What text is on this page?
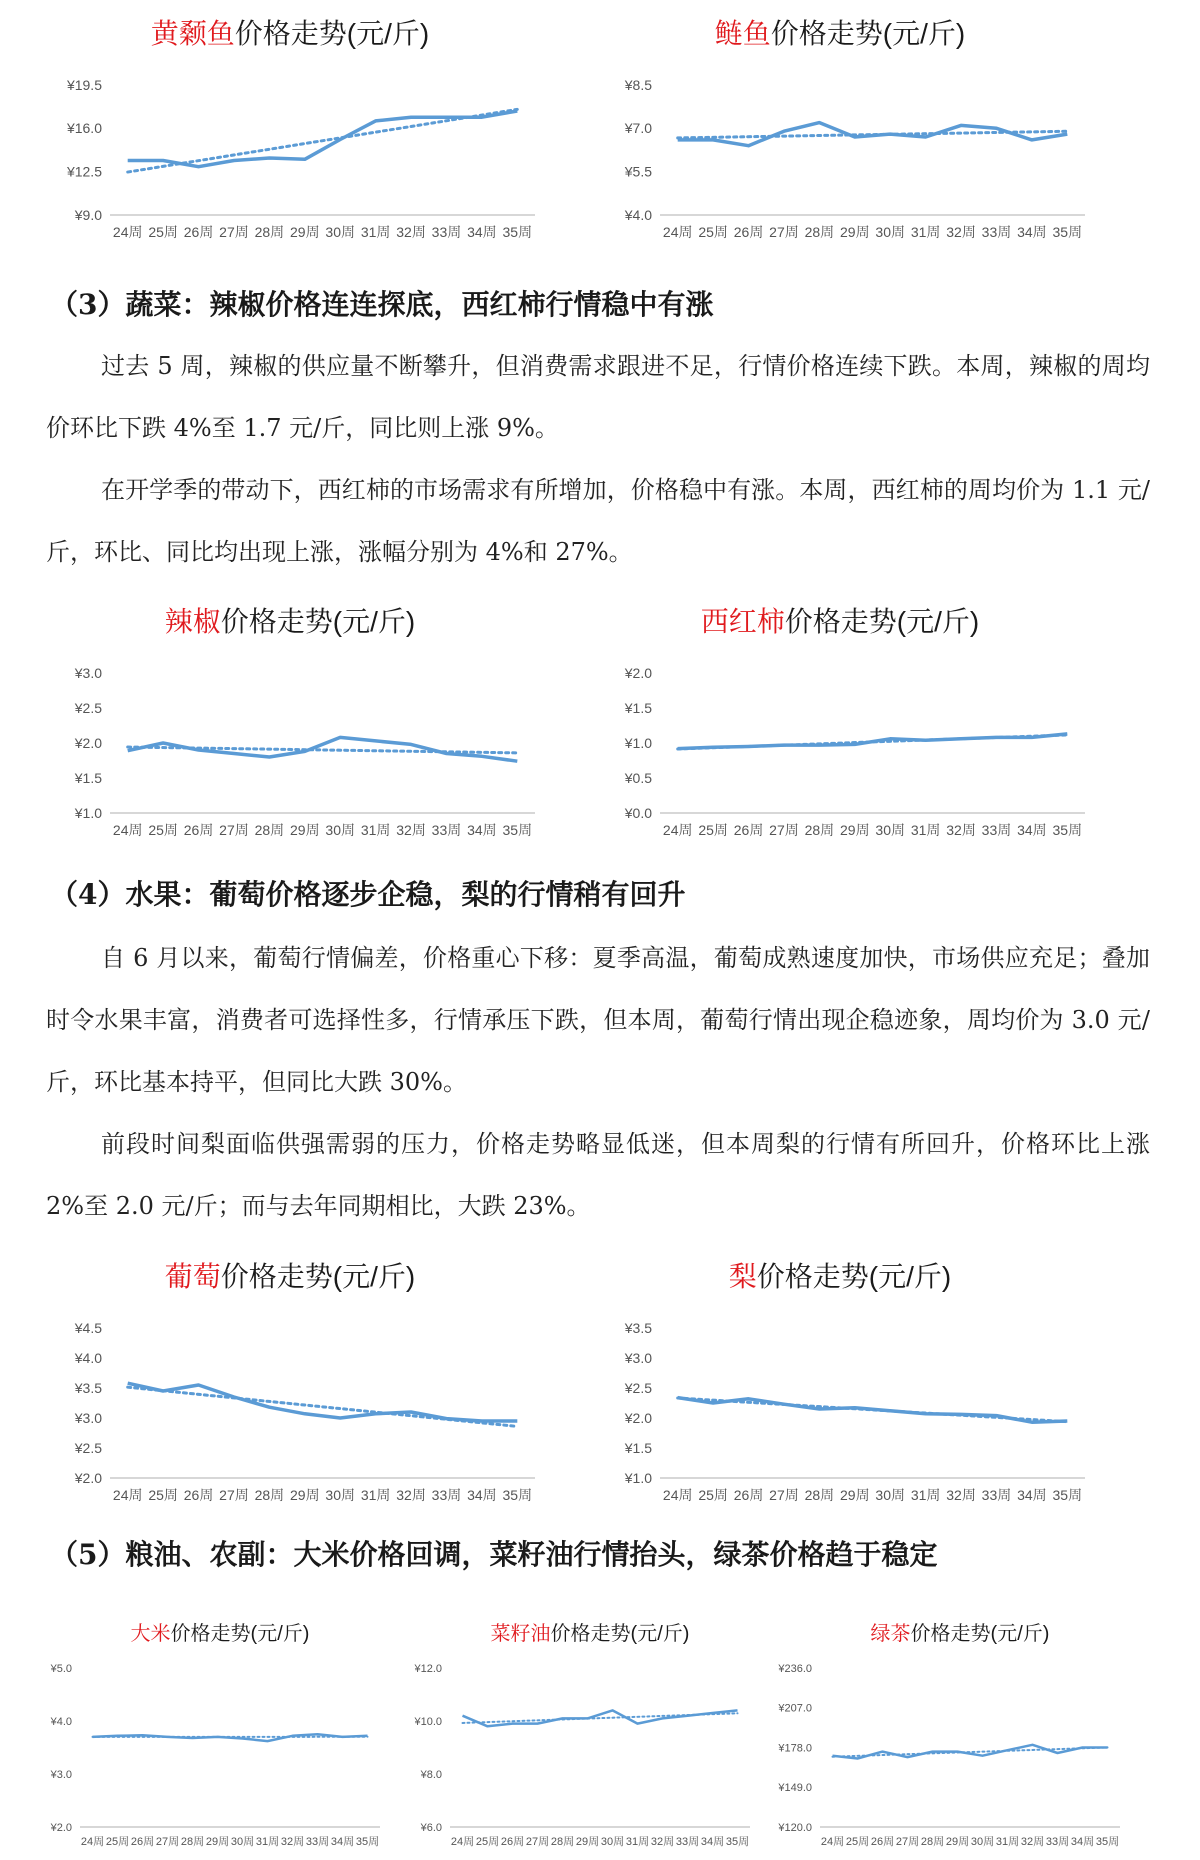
黄颡鱼价格走势(元/斤)
¥19.5
¥16.0
¥12.5
¥9.0
24周 25周 26周 27周 28周 29周 30周 31周 32周 33周 34周 35周
鲢鱼价格走势(元/斤)
¥8.5
¥7.0
¥5.5
¥4.0
24周 25周 26周 27周 28周 29周 30周 31周 32周 33周 34周 35周
（3）蔬菜：辣椒价格连连探底，西红柿行情稳中有涨
过去 5 周，辣椒的供应量不断攀升，但消费需求跟进不足，行情价格连续下跌。本周，辣椒的周均价环比下跌 4%至 1.7 元/斤，同比则上涨 9%。
在开学季的带动下，西红柿的市场需求有所增加，价格稳中有涨。本周，西红柿的周均价为 1.1 元/斤，环比、同比均出现上涨，涨幅分别为 4%和 27%。
辣椒价格走势(元/斤)
¥3.0
¥2.5
¥2.0
¥1.5
¥1.0
24周 25周 26周 27周 28周 29周 30周 31周 32周 33周 34周 35周
西红柿价格走势(元/斤)
¥2.0
¥1.5
¥1.0
¥0.5
¥0.0
24周 25周 26周 27周 28周 29周 30周 31周 32周 33周 34周 35周
（4）水果：葡萄价格逐步企稳，梨的行情稍有回升
自 6 月以来，葡萄行情偏差，价格重心下移：夏季高温，葡萄成熟速度加快，市场供应充足；叠加时令水果丰富，消费者可选择性多，行情承压下跌，但本周，葡萄行情出现企稳迹象，周均价为 3.0 元/斤，环比基本持平，但同比大跌 30%。
前段时间梨面临供强需弱的压力，价格走势略显低迷，但本周梨的行情有所回升，价格环比上涨 2%至 2.0 元/斤；而与去年同期相比，大跌 23%。
葡萄价格走势(元/斤)
¥4.5
¥4.0
¥3.5
¥3.0
¥2.5
¥2.0
24周 25周 26周 27周 28周 29周 30周 31周 32周 33周 34周 35周
梨价格走势(元/斤)
¥3.5
¥3.0
¥2.5
¥2.0
¥1.5
¥1.0
24周 25周 26周 27周 28周 29周 30周 31周 32周 33周 34周 35周
（5）粮油、农副：大米价格回调，菜籽油行情抬头，绿茶价格趋于稳定
大米价格走势(元/斤)
¥5.0
¥4.0
¥3.0
¥2.0
24周 25周 26周 27周 28周 29周 30周 31周 32周 33周 34周 35周
菜籽油价格走势(元/斤)
¥12.0
¥10.0
¥8.0
¥6.0
24周 25周 26周 27周 28周 29周 30周 31周 32周 33周 34周 35周
绿茶价格走势(元/斤)
¥236.0
¥207.0
¥178.0
¥149.0
¥120.0
24周 25周 26周 27周 28周 29周 30周 31周 32周 33周 34周 35周
